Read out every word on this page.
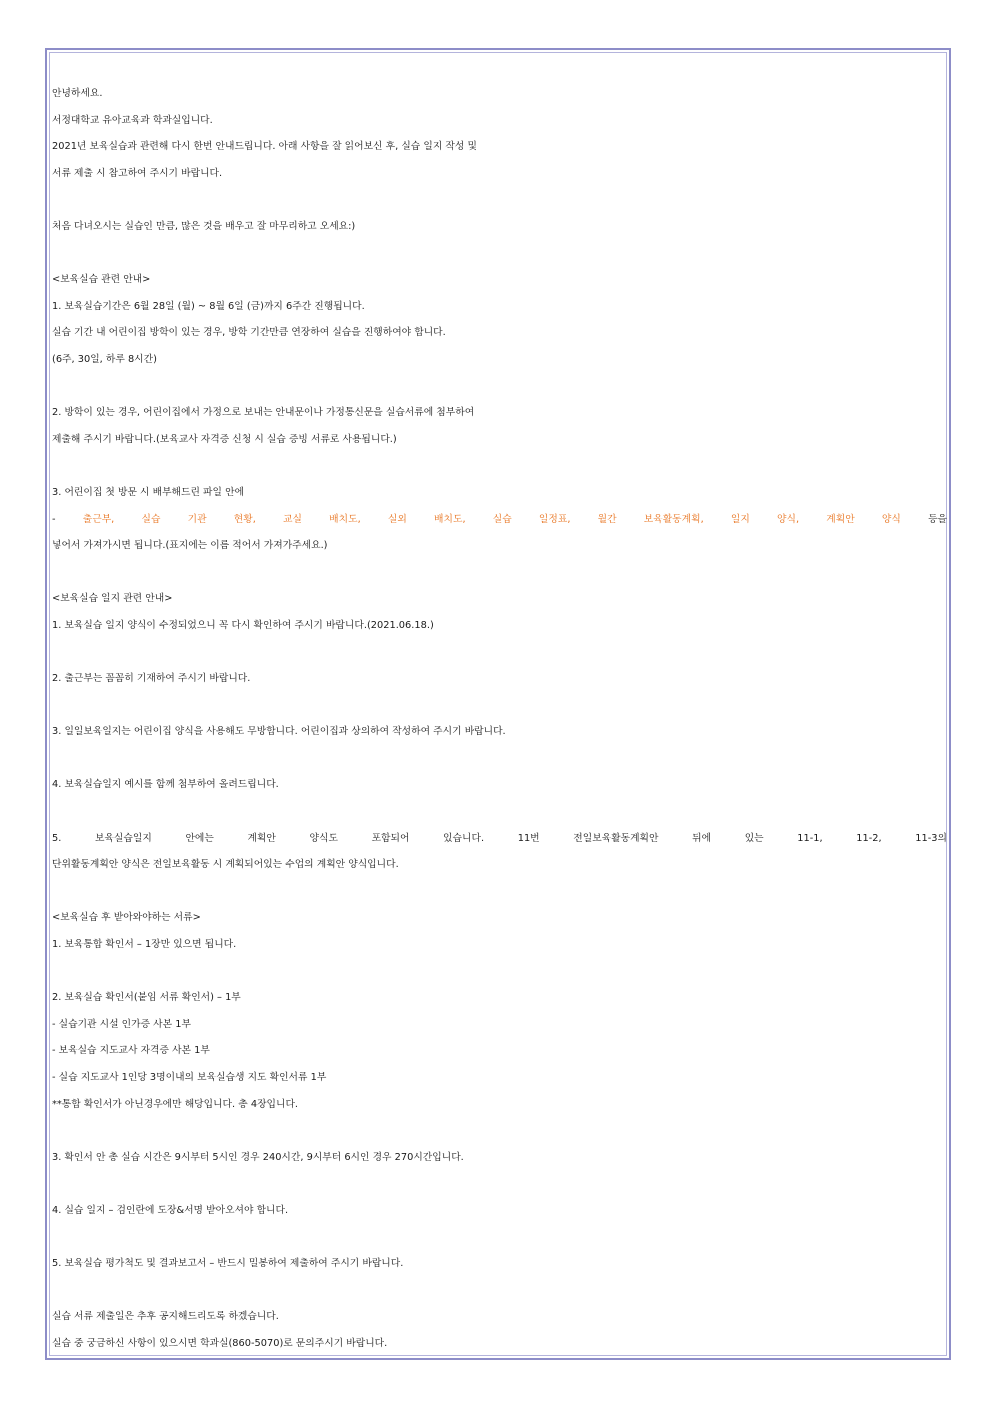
안녕하세요.
서정대학교 유아교육과 학과실입니다.
2021년 보육실습과 관련해 다시 한번 안내드립니다. 아래 사항을 잘 읽어보신 후, 실습 일지 작성 및
서류 제출 시 참고하여 주시기 바랍니다.
처음 다녀오시는 실습인 만큼, 많은 것을 배우고 잘 마무리하고 오세요:)
<보육실습 관련 안내>
1. 보육실습기간은 6월 28일 (월) ~ 8월 6일 (금)까지 6주간 진행됩니다.
실습 기간 내 어린이집 방학이 있는 경우, 방학 기간만큼 연장하여 실습을 진행하여야 합니다.
(6주, 30일, 하루 8시간)
2. 방학이 있는 경우, 어린이집에서 가정으로 보내는 안내문이나 가정통신문을 실습서류에 첨부하여
제출해 주시기 바랍니다.(보육교사 자격증 신청 시 실습 증빙 서류로 사용됩니다.)
3. 어린이집 첫 방문 시 배부해드린 파일 안에
- 출근부, 실습 기관 현황, 교실 배치도, 실외 배치도, 실습 일정표, 월간 보육활동계획, 일지 양식, 계획안 양식 등을
넣어서 가져가시면 됩니다.(표지에는 이름 적어서 가져가주세요.)
<보육실습 일지 관련 안내>
1. 보육실습 일지 양식이 수정되었으니 꼭 다시 확인하여 주시기 바랍니다.(2021.06.18.)
2. 출근부는 꼼꼼히 기재하여 주시기 바랍니다.
3. 일일보육일지는 어린이집 양식을 사용해도 무방합니다. 어린이집과 상의하여 작성하여 주시기 바랍니다.
4. 보육실습일지 예시를 함께 첨부하여 올려드립니다.
5. 보육실습일지 안에는 계획안 양식도 포함되어 있습니다. 11번 전일보육활동계획안 뒤에 있는 11-1, 11-2, 11-3의
단위활동계획안 양식은 전일보육활동 시 계획되어있는 수업의 계획안 양식입니다.
<보육실습 후 받아와야하는 서류>
1. 보육통합 확인서 – 1장만 있으면 됩니다.
2. 보육실습 확인서(붙임 서류 확인서) – 1부
- 실습기관 시설 인가증 사본 1부
- 보육실습 지도교사 자격증 사본 1부
- 실습 지도교사 1인당 3명이내의 보육실습생 지도 확인서류 1부
**통합 확인서가 아닌경우에만 해당입니다. 총 4장입니다.
3. 확인서 안 총 실습 시간은 9시부터 5시인 경우 240시간, 9시부터 6시인 경우 270시간입니다.
4. 실습 일지 – 검인란에 도장&서명 받아오셔야 합니다.
5. 보육실습 평가척도 및 결과보고서 – 반드시 밀봉하여 제출하여 주시기 바랍니다.
실습 서류 제출일은 추후 공지해드리도록 하겠습니다.
실습 중 궁금하신 사항이 있으시면 학과실(860-5070)로 문의주시기 바랍니다.
